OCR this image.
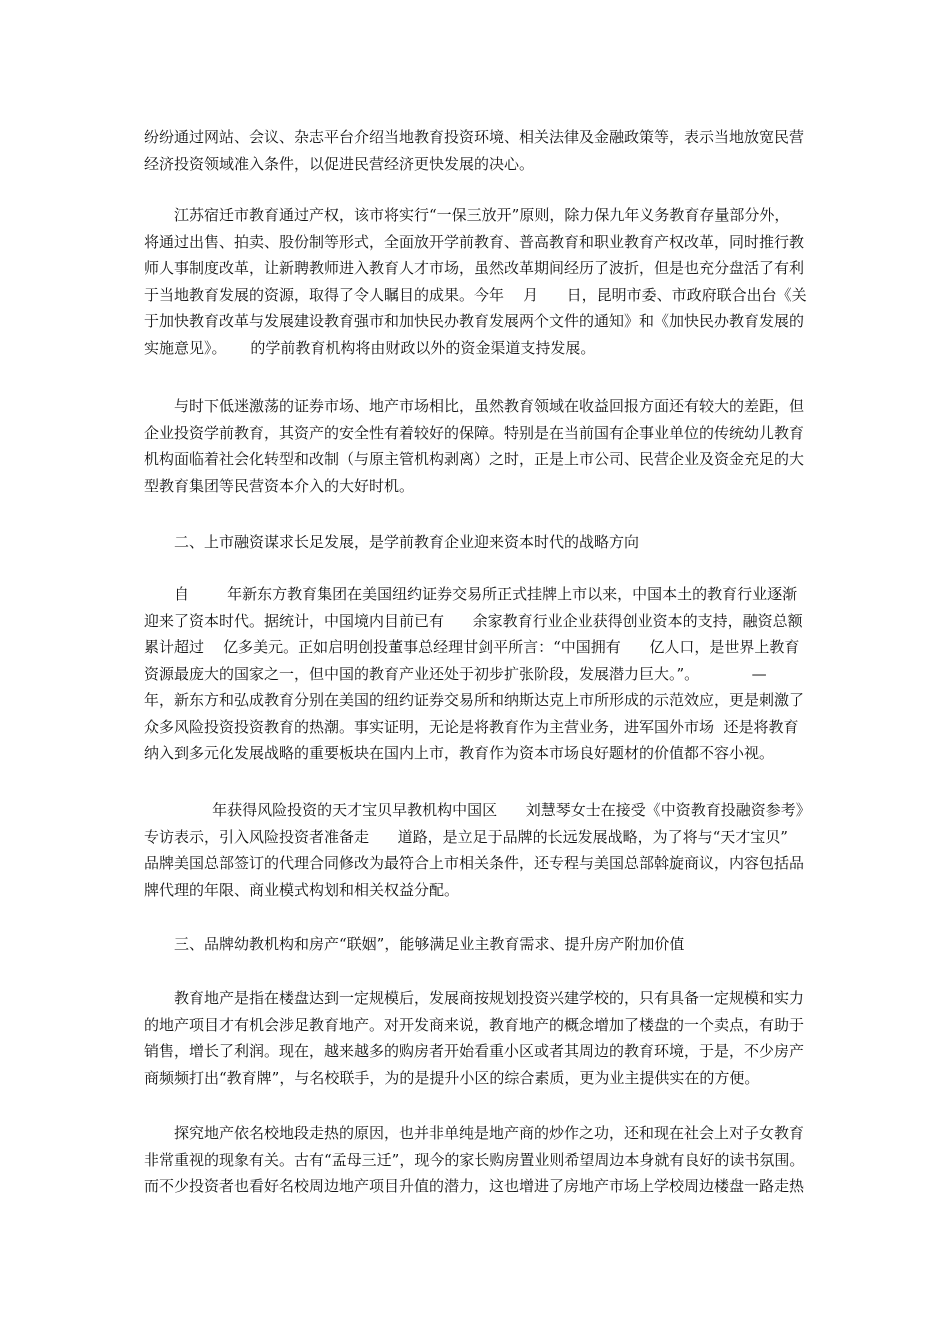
纷纷通过网站、会议、杂志平台介绍当地教育投资环境、相关法律及金融政策等，表示当地放宽民营

经济投资领域准入条件，以促进民营经济更快发展的决心。

江苏宿迁市教育通过产权，该市将实行“一保三放开”原则，除力保九年义务教育存量部分外，

将通过出售、拍卖、股份制等形式，全面放开学前教育、普高教育和职业教育产权改革，同时推行教

师人事制度改革，让新聘教师进入教育人才市场，虽然改革期间经历了波折，但是也充分盘活了有利

于当地教育发展的资源，取得了令人瞩目的成果。今年    月      日，昆明市委、市政府联合出台《关

于加快教育改革与发展建设教育强市和加快民办教育发展两个文件的通知》和《加快民办教育发展的

实施意见》。     的学前教育机构将由财政以外的资金渠道支持发展。

与时下低迷激荡的证券市场、地产市场相比，虽然教育领域在收益回报方面还有较大的差距，但

企业投资学前教育，其资产的安全性有着较好的保障。特别是在当前国有企事业单位的传统幼儿教育

机构面临着社会化转型和改制（与原主管机构剥离）之时，正是上市公司、民营企业及资金充足的大

型教育集团等民营资本介入的大好时机。

二、上市融资谋求长足发展，是学前教育企业迎来资本时代的战略方向

自        年新东方教育集团在美国纽约证券交易所正式挂牌上市以来，中国本土的教育行业逐渐

迎来了资本时代。据统计，中国境内目前已有      余家教育行业企业获得创业资本的支持，融资总额

累计超过    亿多美元。正如启明创投董事总经理甘剑平所言：“中国拥有      亿人口，是世界上教育

资源最庞大的国家之一，但中国的教育产业还处于初步扩张阶段，发展潜力巨大。”。           —

年，新东方和弘成教育分别在美国的纽约证券交易所和纳斯达克上市所形成的示范效应，更是刺激了

众多风险投资投资教育的热潮。事实证明，无论是将教育作为主营业务，进军国外市场  还是将教育

纳入到多元化发展战略的重要板块在国内上市，教育作为资本市场良好题材的价值都不容小视。

年获得风险投资的天才宝贝早教机构中国区      刘慧琴女士在接受《中资教育投融资参考》

专访表示，引入风险投资者准备走      道路，是立足于品牌的长远发展战略，为了将与“天才宝贝”

品牌美国总部签订的代理合同修改为最符合上市相关条件，还专程与美国总部斡旋商议，内容包括品

牌代理的年限、商业模式构划和相关权益分配。

三、品牌幼教机构和房产“联姻”，能够满足业主教育需求、提升房产附加价值

教育地产是指在楼盘达到一定规模后，发展商按规划投资兴建学校的，只有具备一定规模和实力

的地产项目才有机会涉足教育地产。对开发商来说，教育地产的概念增加了楼盘的一个卖点，有助于

销售，增长了利润。现在，越来越多的购房者开始看重小区或者其周边的教育环境，于是，不少房产

商频频打出“教育牌”，与名校联手，为的是提升小区的综合素质，更为业主提供实在的方便。

探究地产依名校地段走热的原因，也并非单纯是地产商的炒作之功，还和现在社会上对子女教育

非常重视的现象有关。古有“孟母三迁”，现今的家长购房置业则希望周边本身就有良好的读书氛围。

而不少投资者也看好名校周边地产项目升值的潜力，这也增进了房地产市场上学校周边楼盘一路走热
